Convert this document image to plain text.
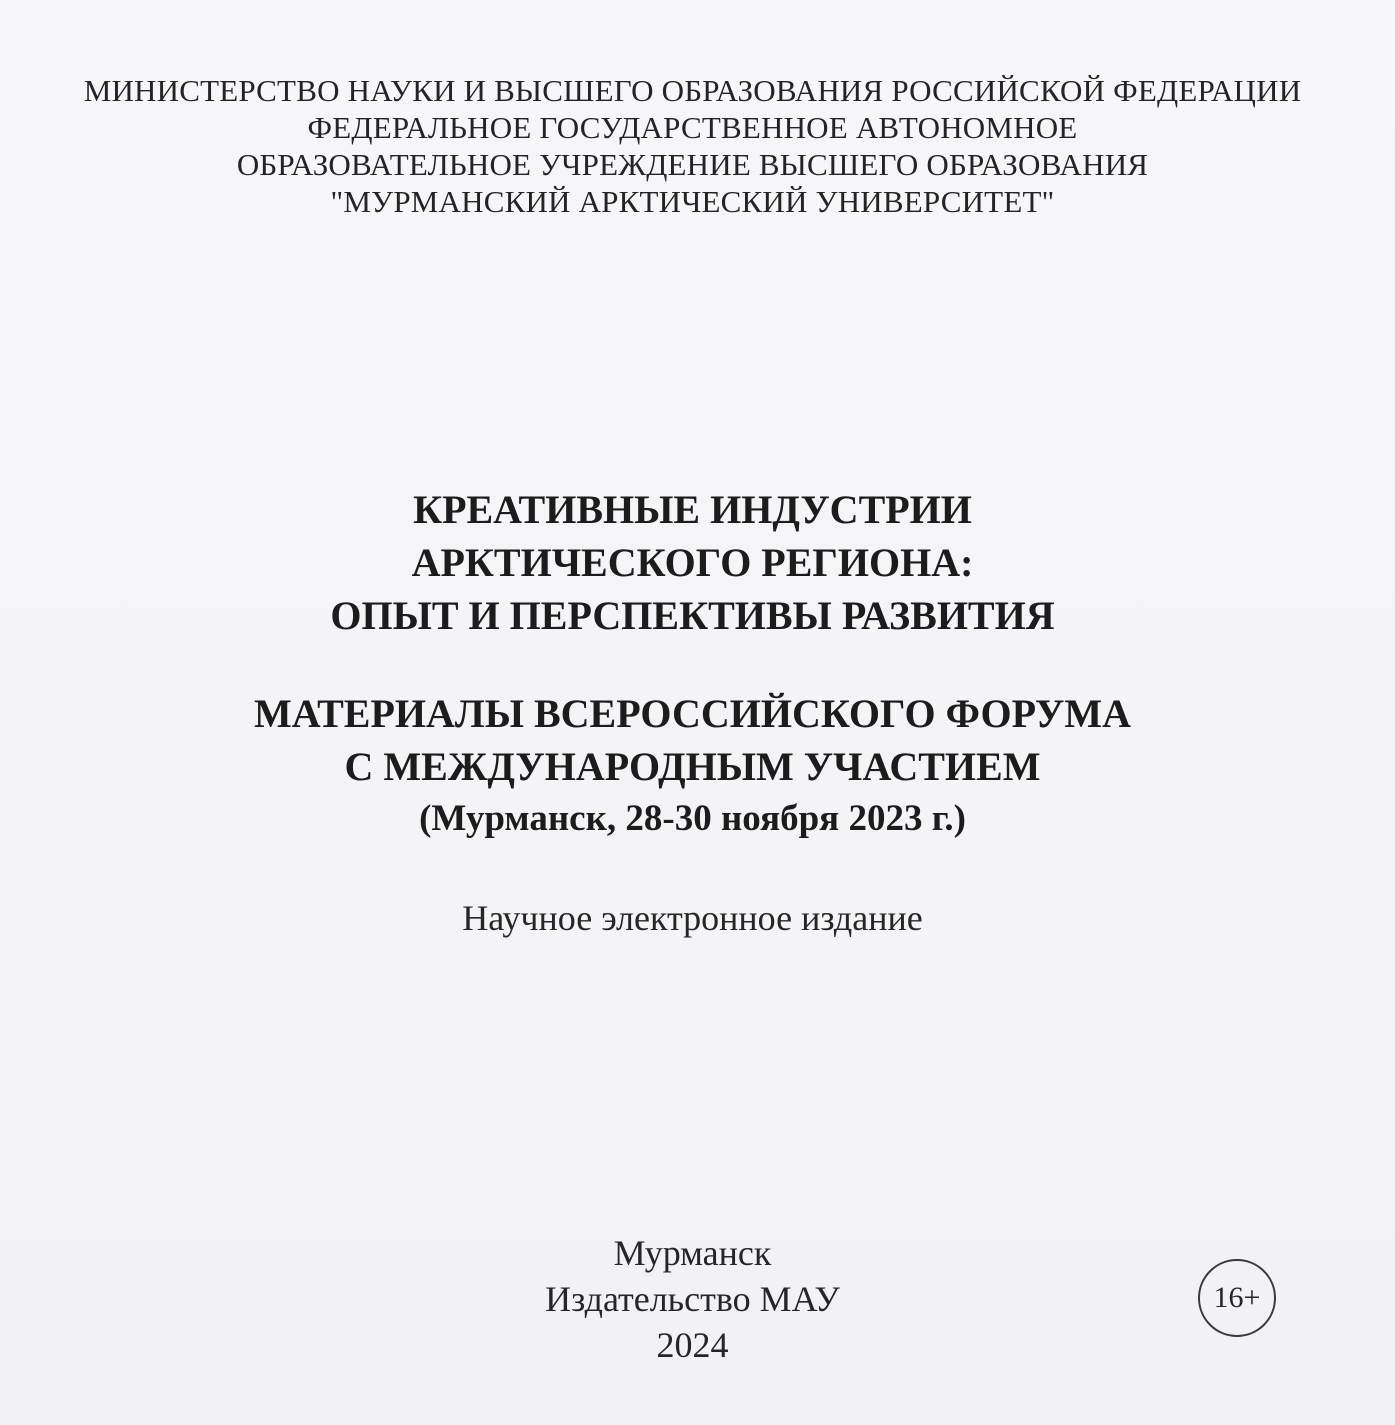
МИНИСТЕРСТВО НАУКИ И ВЫСШЕГО ОБРАЗОВАНИЯ РОССИЙСКОЙ ФЕДЕРАЦИИ
ФЕДЕРАЛЬНОЕ ГОСУДАРСТВЕННОЕ АВТОНОМНОЕ
ОБРАЗОВАТЕЛЬНОЕ УЧРЕЖДЕНИЕ ВЫСШЕГО ОБРАЗОВАНИЯ
"МУРМАНСКИЙ АРКТИЧЕСКИЙ УНИВЕРСИТЕТ"
КРЕАТИВНЫЕ ИНДУСТРИИ
АРКТИЧЕСКОГО РЕГИОНА:
ОПЫТ И ПЕРСПЕКТИВЫ РАЗВИТИЯ
МАТЕРИАЛЫ ВСЕРОССИЙСКОГО ФОРУМА
С МЕЖДУНАРОДНЫМ УЧАСТИЕМ
(Мурманск, 28-30 ноября 2023 г.)
Научное электронное издание
Мурманск
Издательство МАУ
2024
16+
